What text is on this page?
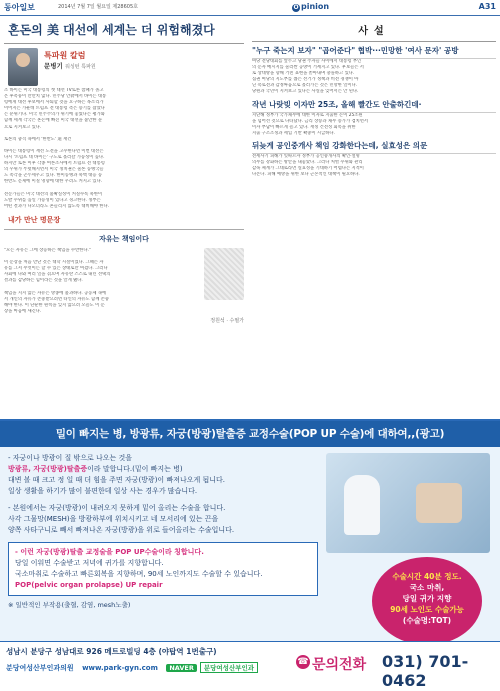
동아일보	2014년 7월 7일 월요일 제28605호	O pinion	A31
혼돈의 美 대선에 세계는 더 위험해졌다
특파원 칼럼
문병기 워싱턴 특파원
조 바이든 미국 대통령의 첫 대선 TV토론 참패가 몰고
온 후폭풍이 만만치 않다. 민주당 안팎에서 바이든 대통
령에게 대선 후보에서 사퇴할 것을 요구하는 목소리가
이어지는 가운데 트럼프 전 대통령 측은 승기를 잡았다
는 분위기다. 미국 민주주의가 위기에 놓였다는 평가와
함께 세계 각국은 혼돈에 빠진 미국 대선을 불안한 눈
으로 지켜보고 있다.
토론의 충격 속에서 '한반도' 道 재건
바이든 대통령이 재선 도전을 고수한다면 이번 대선은
다시 '트럼프 대 바이든' 구도로 흘러갈 가능성이 높다.
하지만 토론 이후 각종 여론조사에서 트럼프 전 대통령
의 우위가 뚜렷해지면서 미국 정치권은 물론 동맹국들
도 촉각을 곤두세우고 있다. 한미동맹과 북핵 대응 등
한반도 문제에 미칠 영향에 대한 우려도 커지고 있다.
전문가들은 미국 대선의 불확실성이 커질수록 북한이
도발 수위를 높일 가능성이 있다고 경고한다. 정부는
어떤 결과가 나오더라도 흔들리지 않도록 대비해야 한다.
내가 만난 명문장
자유는 책임이다
"모든 자유는 그에 상응하는 책임을 수반한다."
이 문장을 처음 만난 것은 대학 시절이었다. 그때는 자
유를 그저 무엇이든 할 수 있는 상태로만 여겼다. 그러나
사회에 나와 여러 일을 겪으며 자유란 스스로 내린 선택의
결과를 감당하는 힘이라는 것을 알게 됐다.
책임을 지지 않는 자유는 방종에 불과하다. 공동체 속에
서 개인의 자유가 존중받으려면 타인의 자유도 함께 존중
해야 한다. 이 단순한 원칙을 잊지 않으려 오늘도 이 문
장을 마음에 새긴다.
정원석 · 수필가
사설
"누구 죽는지 보자" "곱어준다" 협박···민망한 '여사 문자' 공방
여당 전당대회를 앞두고 당권 주자들 사이에서 대통령 부인
의 문자 메시지를 둘러싼 공방이 거세지고 있다. 후보들은 서
로 상대방을 향해 거친 표현을 쏟아내며 충돌하고 있다.
집권 여당의 지도부를 뽑는 선거가 정책과 비전 경쟁이 아
닌 폭로전과 감정싸움으로 흘러가는 것은 민망한 일이다.
당원과 국민이 지켜보고 있다는 사실을 잊어서는 안 된다.
작년 나랏빚 이자만 25조, 올해 빨간도 안출하긴데·
지난해 정부가 국가채무에 대한 이자로 지출한 돈이 25조원
을 넘어선 것으로 나타났다. 금리 상승과 채무 증가가 겹치면서
이자 부담이 빠르게 늘고 있다. 재정 건전성 회복을 위한
지출 구조조정과 세입 기반 확충이 시급하다.
뒤늦게 공인중개사 책임 강화한다는데, 실효성은 의문
전세사기 피해가 잇따르자 정부가 공인중개사의 확인·설명
의무를 강화하는 방안을 내놓았다. 그러나 처벌 수위와 관리
감독 체계가 그대로라면 실효성을 기대하기 어렵다는 지적이
나온다. 피해 예방을 위한 보다 근본적인 대책이 필요하다.
밀이 빠지는 병, 방광류, 자궁(방광)탈출증 교정수술(POP UP 수술)에 대하여,,(광고)
- 자궁이나 방광이 질 밖으로 나오는 것을
방광류, 자궁(방광)탈출증이라 말합니다.(밑이 빠지는 병)
대변 볼 때 크고 정 일 때 더 힘을 주면 자궁(방광)이 빠져나오게 됩니다.
일상 생활을 하기가 많이 불편한데 일상 사는 경우가 많습니다.
- 본원에서는 자궁(방광)이 내려오지 못하게 밑어 올리는 수술을 합니다.
사각 그물망(MESH)을 방광하부에 위치시키고 네 모서리에 있는 끈을
양쪽 사타구니로 빼서 빠져나온 자궁(방광)을 위로 들어올리는 수술입니다.
- 이런 자궁(방광)탈출 교정술을 POP UP수술이라 칭합니다.
당일 이워면 수술받고 저녁에 귀가를 지향합니다.
국소마취로 수술하고 빠른회복을 지향하며, 90세 노인까지도 수술할 수 있습니다.
POP(pelvic organ prolapse) UP repair
※ 일반적인 부작용(출혈, 감염, mesh노출)
수술시간 40분 정도.
국소 마취,
당일 귀가 지향
90세 노인도 수술가능
(수술명:TOT)
성남시 분당구 성남대로 926 메트로빌딩 4층 (야탑역 1번출구)
분당여성산부인과의원 www.park-gyn.com NAVER 분당여성산부인과
☎ 문의전화 031) 701-0462
